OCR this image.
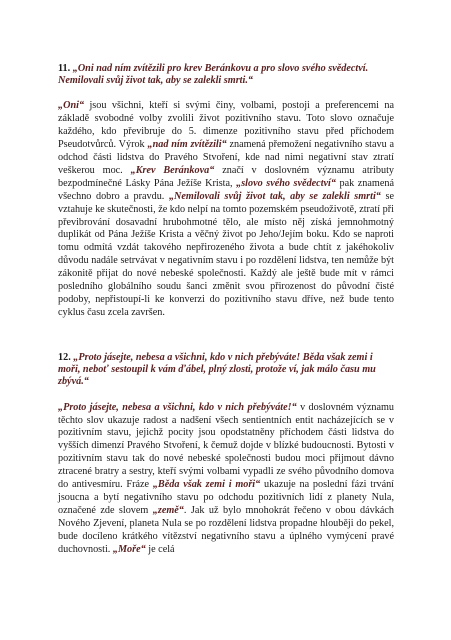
11. „Oni nad ním zvítězili pro krev Beránkovu a pro slovo svého svědectví. Nemilovali svůj život tak, aby se zalekli smrti.“

„Oni“ jsou všichni, kteří si svými činy, volbami, postoji a preferencemi na základě svobodné volby zvolili život pozitivního stavu. Toto slovo označuje každého, kdo převibruje do 5. dimenze pozitivního stavu před příchodem Pseudotvůrců. Výrok „nad ním zvítězili“ znamená přemožení negativního stavu a odchod části lidstva do Pravého Stvoření, kde nad nimi negativní stav ztratí veškerou moc. „Krev Beránkova“ značí v doslovném významu atributy bezpodmínečné Lásky Pána Ježíše Krista, „slovo svého svědectví“ pak znamená všechno dobro a pravdu. „Nemilovali svůj život tak, aby se zalekli smrti“ se vztahuje ke skutečnosti, že kdo nelpí na tomto pozemském pseudoživotě, ztratí při převibrování dosavadní hrubohmotné tělo, ale místo něj získá jemnohmotný duplikát od Pána Ježíše Krista a věčný život po Jeho/Jejím boku. Kdo se naproti tomu odmítá vzdát takového nepřirozeného života a bude chtít z jakéhokoliv důvodu nadále setrvávat v negativním stavu i po rozdělení lidstva, ten nemůže být zákonitě přijat do nové nebeské společnosti. Každý ale ještě bude mít v rámci posledního globálního soudu šanci změnit svou přirozenost do původní čisté podoby, nepřistoupí-li ke konverzi do pozitivního stavu dříve, než bude tento cyklus času zcela završen.

12. „Proto jásejte, nebesa a všichni, kdo v nich přebýváte! Běda však zemi i moři, neboť sestoupil k vám ďábel, plný zlosti, protože ví, jak málo času mu zbývá.“

„Proto jásejte, nebesa a všichni, kdo v nich přebýváte!“ v doslovném významu těchto slov ukazuje radost a nadšení všech sentientních entit nacházejících se v pozitivním stavu, jejichž pocity jsou opodstatněny příchodem části lidstva do vyšších dimenzí Pravého Stvoření, k čemuž dojde v blízké budoucnosti. Bytosti v pozitivním stavu tak do nové nebeské společnosti budou moci přijmout dávno ztracené bratry a sestry, kteří svými volbami vypadli ze svého původního domova do antivesmíru. Fráze „Běda však zemi i moři“ ukazuje na poslední fázi trvání jsoucna a bytí negativního stavu po odchodu pozitivních lidí z planety Nula, označené zde slovem „země“. Jak už bylo mnohokrát řečeno v obou dávkách Nového Zjevení, planeta Nula se po rozdělení lidstva propadne hlouběji do pekel, bude docíleno krátkého vítězství negativního stavu a úplného vymýcení pravé duchovnosti. „Moře“ je celá
